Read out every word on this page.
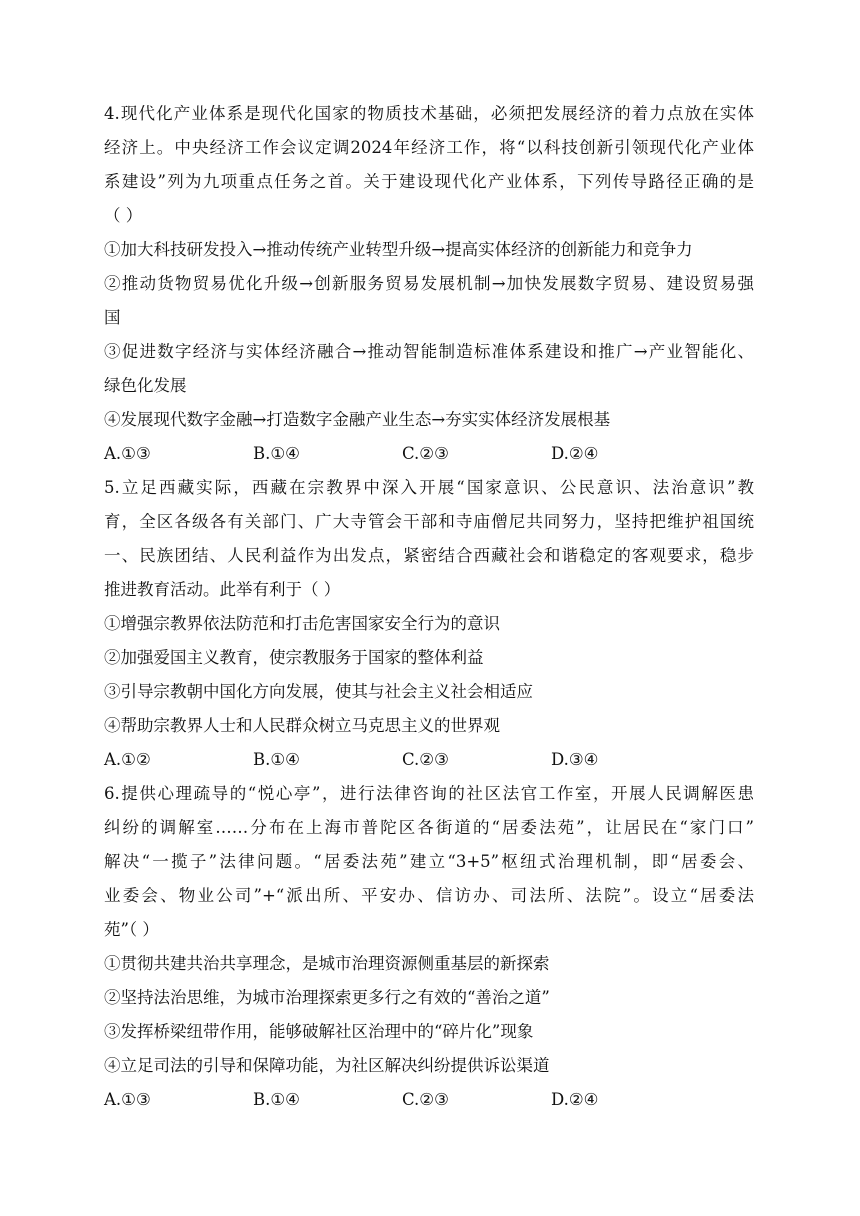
4.现代化产业体系是现代化国家的物质技术基础，必须把发展经济的着力点放在实体
经济上。中央经济工作会议定调2024年经济工作，将“以科技创新引领现代化产业体
系建设”列为九项重点任务之首。关于建设现代化产业体系，下列传导路径正确的是
（ ）
①加大科技研发投入→推动传统产业转型升级→提高实体经济的创新能力和竞争力
②推动货物贸易优化升级→创新服务贸易发展机制→加快发展数字贸易、建设贸易强
国
③促进数字经济与实体经济融合→推动智能制造标准体系建设和推广→产业智能化、
绿色化发展
④发展现代数字金融→打造数字金融产业生态→夯实实体经济发展根基
A.①③	B.①④	C.②③	D.②④
5.立足西藏实际，西藏在宗教界中深入开展“国家意识、公民意识、法治意识”教
育，全区各级各有关部门、广大寺管会干部和寺庙僧尼共同努力，坚持把维护祖国统
一、民族团结、人民利益作为出发点，紧密结合西藏社会和谐稳定的客观要求，稳步
推进教育活动。此举有利于（ ）
①增强宗教界依法防范和打击危害国家安全行为的意识
②加强爱国主义教育，使宗教服务于国家的整体利益
③引导宗教朝中国化方向发展，使其与社会主义社会相适应
④帮助宗教界人士和人民群众树立马克思主义的世界观
A.①②	B.①④	C.②③	D.③④
6.提供心理疏导的“悦心亭”，进行法律咨询的社区法官工作室，开展人民调解医患
纠纷的调解室……分布在上海市普陀区各街道的“居委法苑”，让居民在“家门口”
解决“一揽子”法律问题。“居委法苑”建立“3+5”枢纽式治理机制，即“居委会、
业委会、物业公司”+“派出所、平安办、信访办、司法所、法院”。设立“居委法
苑”（ ）
①贯彻共建共治共享理念，是城市治理资源侧重基层的新探索
②坚持法治思维，为城市治理探索更多行之有效的“善治之道”
③发挥桥梁纽带作用，能够破解社区治理中的“碎片化”现象
④立足司法的引导和保障功能，为社区解决纠纷提供诉讼渠道
A.①③	B.①④	C.②③	D.②④
